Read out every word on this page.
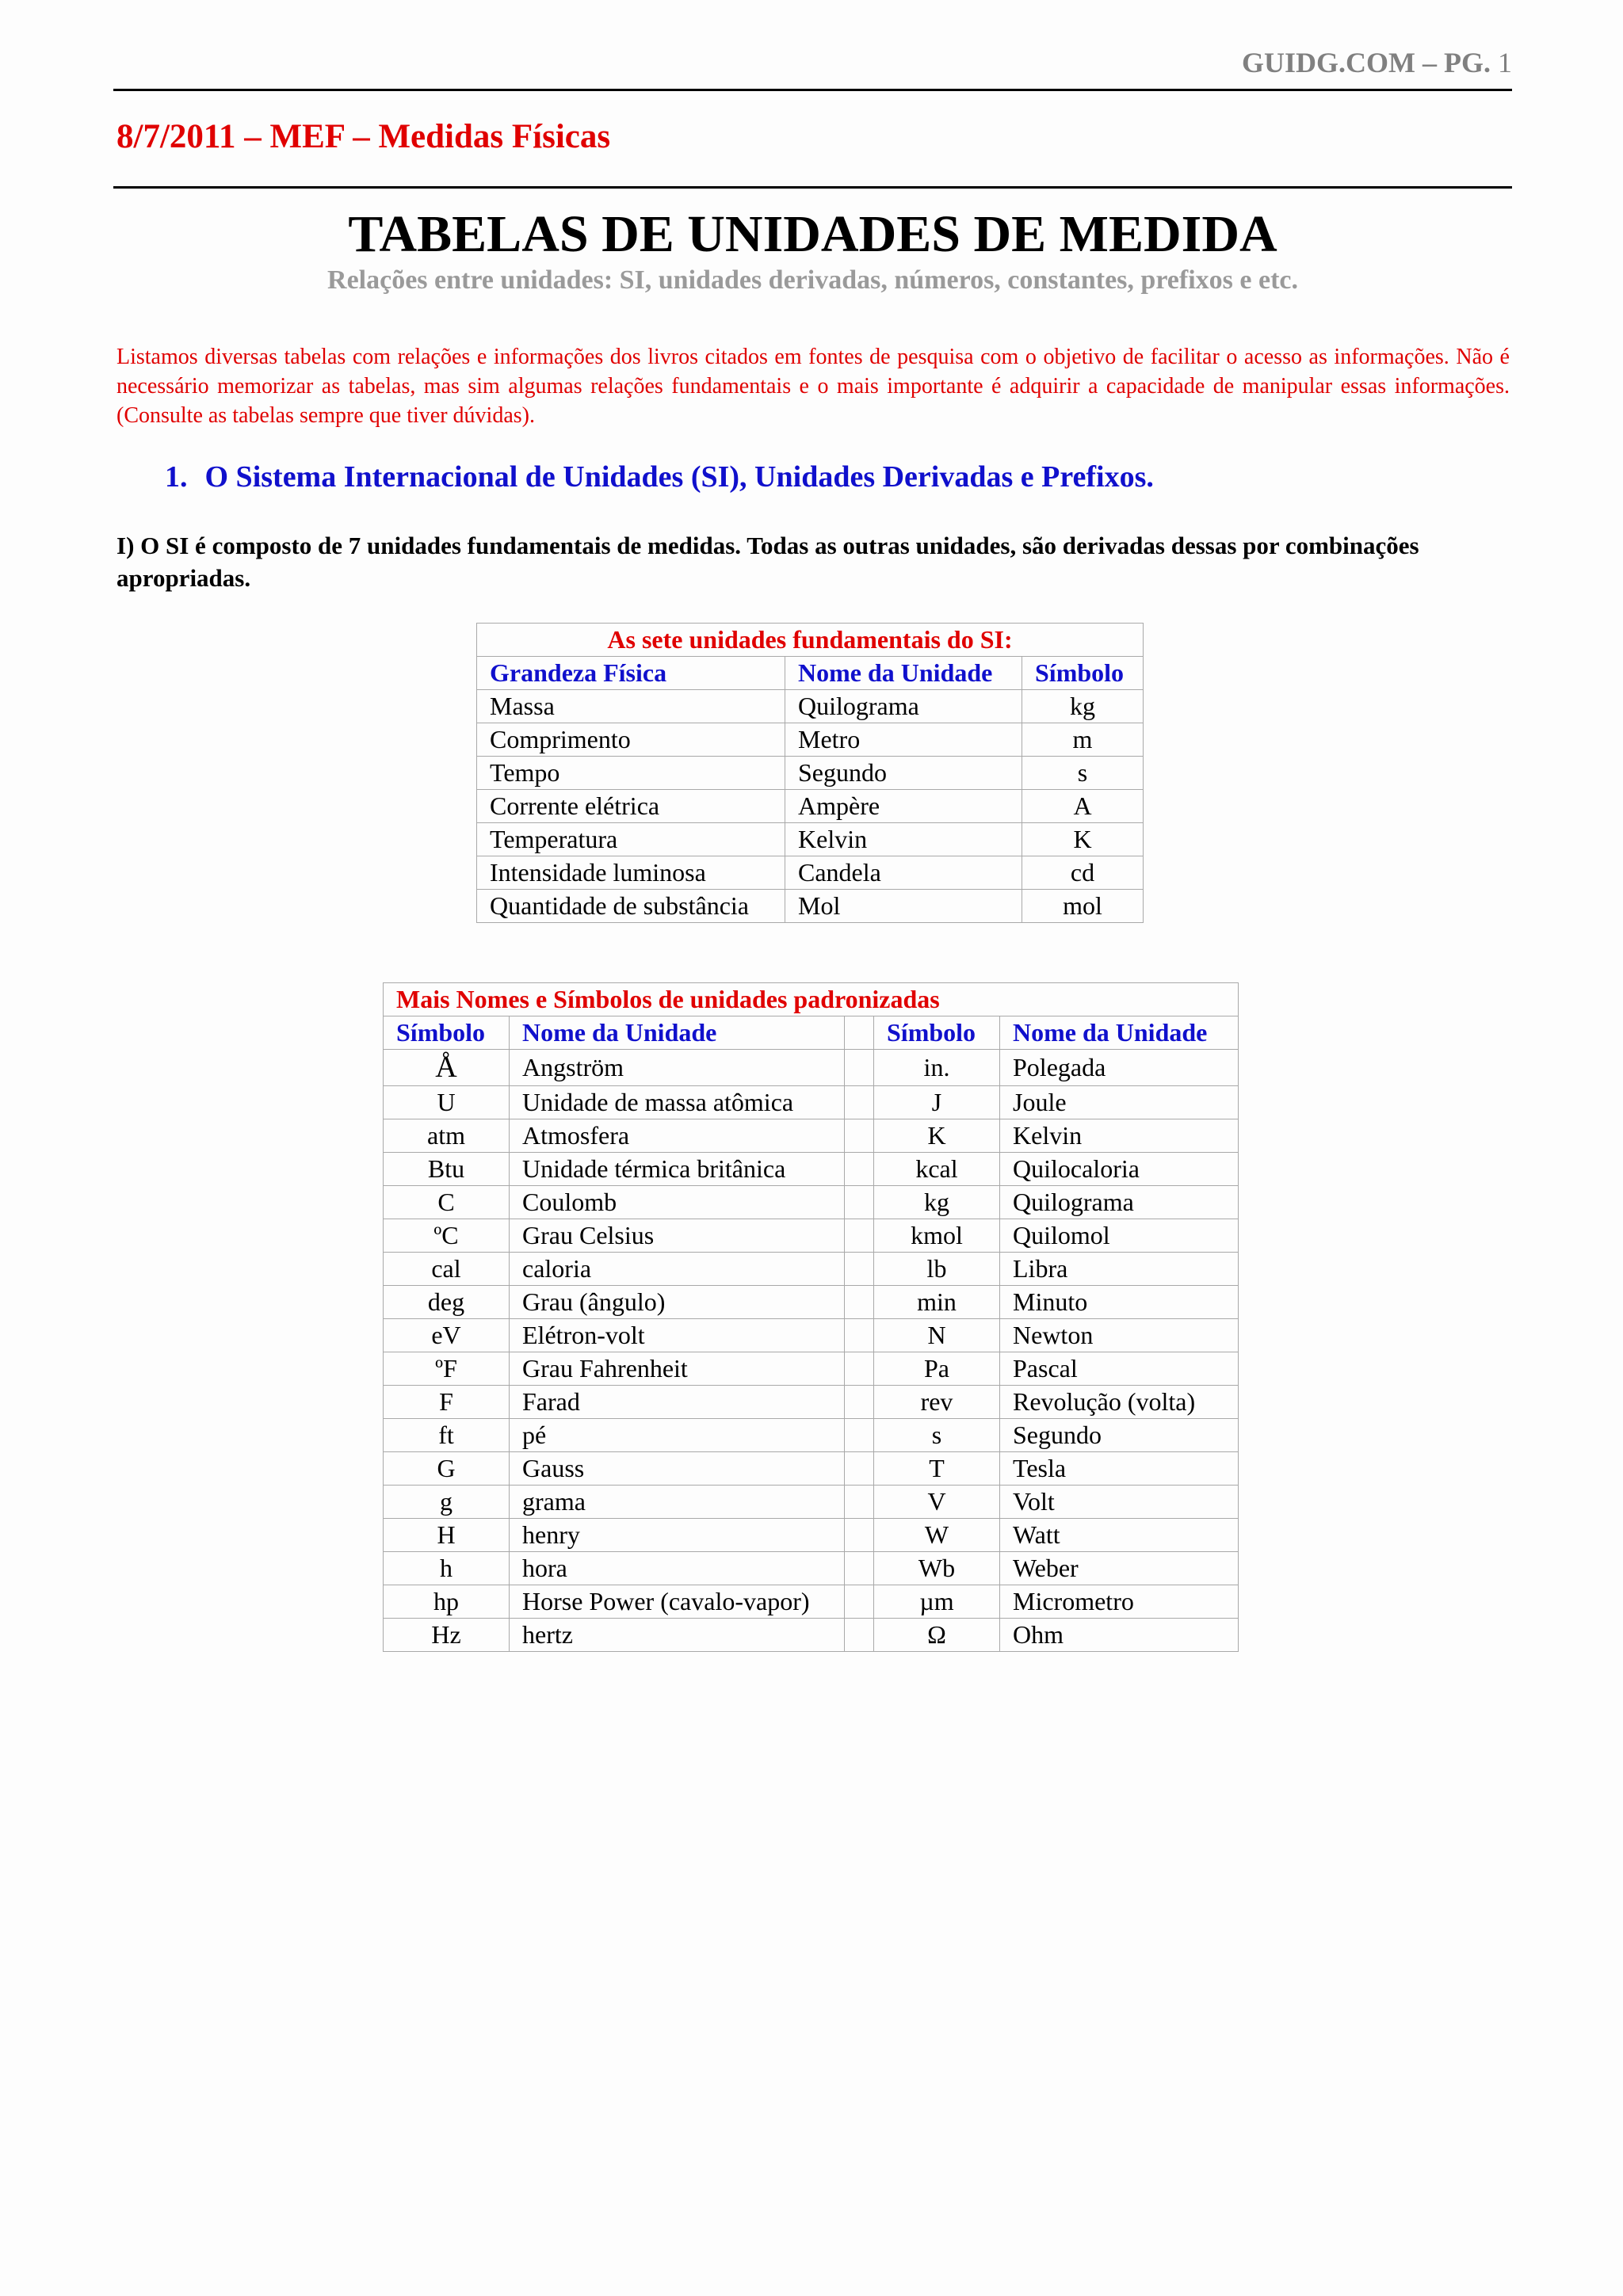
GUIDG.COM – PG. 1
8/7/2011 – MEF – Medidas Físicas
TABELAS DE UNIDADES DE MEDIDA
Relações entre unidades: SI, unidades derivadas, números, constantes, prefixos e etc.
Listamos diversas tabelas com relações e informações dos livros citados em fontes de pesquisa com o objetivo de facilitar o acesso as informações. Não é necessário memorizar as tabelas, mas sim algumas relações fundamentais e o mais importante é adquirir a capacidade de manipular essas informações. (Consulte as tabelas sempre que tiver dúvidas).
1. O Sistema Internacional de Unidades (SI), Unidades Derivadas e Prefixos.
I) O SI é composto de 7 unidades fundamentais de medidas. Todas as outras unidades, são derivadas dessas por combinações apropriadas.
As sete unidades fundamentais do SI:		
Grandeza Física	Nome da Unidade	Símbolo
Massa	Quilograma	kg
Comprimento	Metro	m
Tempo	Segundo	s
Corrente elétrica	Ampère	A
Temperatura	Kelvin	K
Intensidade luminosa	Candela	cd
Quantidade de substância	Mol	mol
Mais Nomes e Símbolos de unidades padronizadas				
Símbolo	Nome da Unidade		Símbolo	Nome da Unidade
Å	Angström		in.	Polegada
U	Unidade de massa atômica		J	Joule
atm	Atmosfera		K	Kelvin
Btu	Unidade térmica britânica		kcal	Quilocaloria
C	Coulomb		kg	Quilograma
ºC	Grau Celsius		kmol	Quilomol
cal	caloria		lb	Libra
deg	Grau (ângulo)		min	Minuto
eV	Elétron-volt		N	Newton
ºF	Grau Fahrenheit		Pa	Pascal
F	Farad		rev	Revolução (volta)
ft	pé		s	Segundo
G	Gauss		T	Tesla
g	grama		V	Volt
H	henry		W	Watt
h	hora		Wb	Weber
hp	Horse Power (cavalo-vapor)		µm	Micrometro
Hz	hertz		Ω	Ohm
